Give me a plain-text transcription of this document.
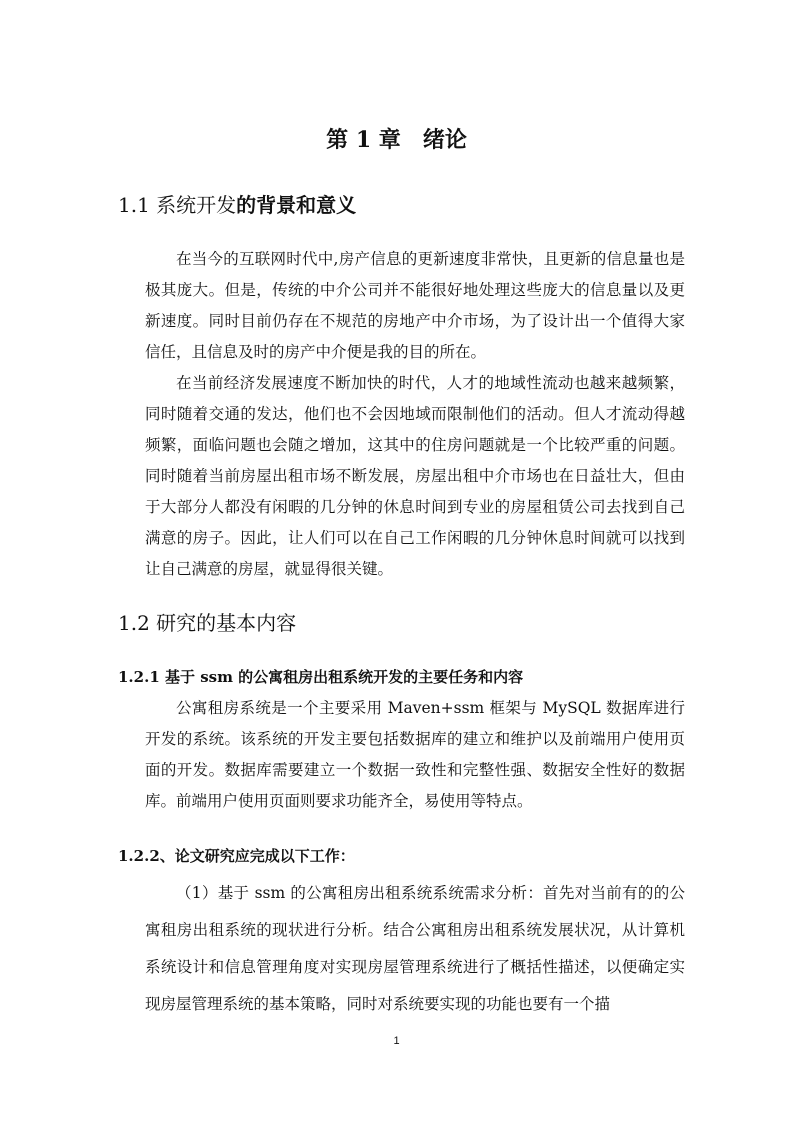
第 1 章 绪论
1.1 系统开发的背景和意义

在当今的互联网时代中,房产信息的更新速度非常快，且更新的信息量也是极其庞大。但是，传统的中介公司并不能很好地处理这些庞大的信息量以及更新速度。同时目前仍存在不规范的房地产中介市场，为了设计出一个值得大家信任，且信息及时的房产中介便是我的目的所在。

在当前经济发展速度不断加快的时代，人才的地域性流动也越来越频繁，同时随着交通的发达，他们也不会因地域而限制他们的活动。但人才流动得越频繁，面临问题也会随之增加，这其中的住房问题就是一个比较严重的问题。同时随着当前房屋出租市场不断发展，房屋出租中介市场也在日益壮大，但由于大部分人都没有闲暇的几分钟的休息时间到专业的房屋租赁公司去找到自己满意的房子。因此，让人们可以在自己工作闲暇的几分钟休息时间就可以找到让自己满意的房屋，就显得很关键。

1.2 研究的基本内容
1.2.1 基于 ssm 的公寓租房出租系统开发的主要任务和内容

公寓租房系统是一个主要采用 Maven+ssm 框架与 MySQL 数据库进行开发的系统。该系统的开发主要包括数据库的建立和维护以及前端用户使用页面的开发。数据库需要建立一个数据一致性和完整性强、数据安全性好的数据库。前端用户使用页面则要求功能齐全，易使用等特点。

1.2.2、论文研究应完成以下工作：

（1）基于 ssm 的公寓租房出租系统系统需求分析：首先对当前有的的公寓租房出租系统的现状进行分析。结合公寓租房出租系统发展状况，从计算机系统设计和信息管理角度对实现房屋管理系统进行了概括性描述，以便确定实现房屋管理系统的基本策略，同时对系统要实现的功能也要有一个描

1
